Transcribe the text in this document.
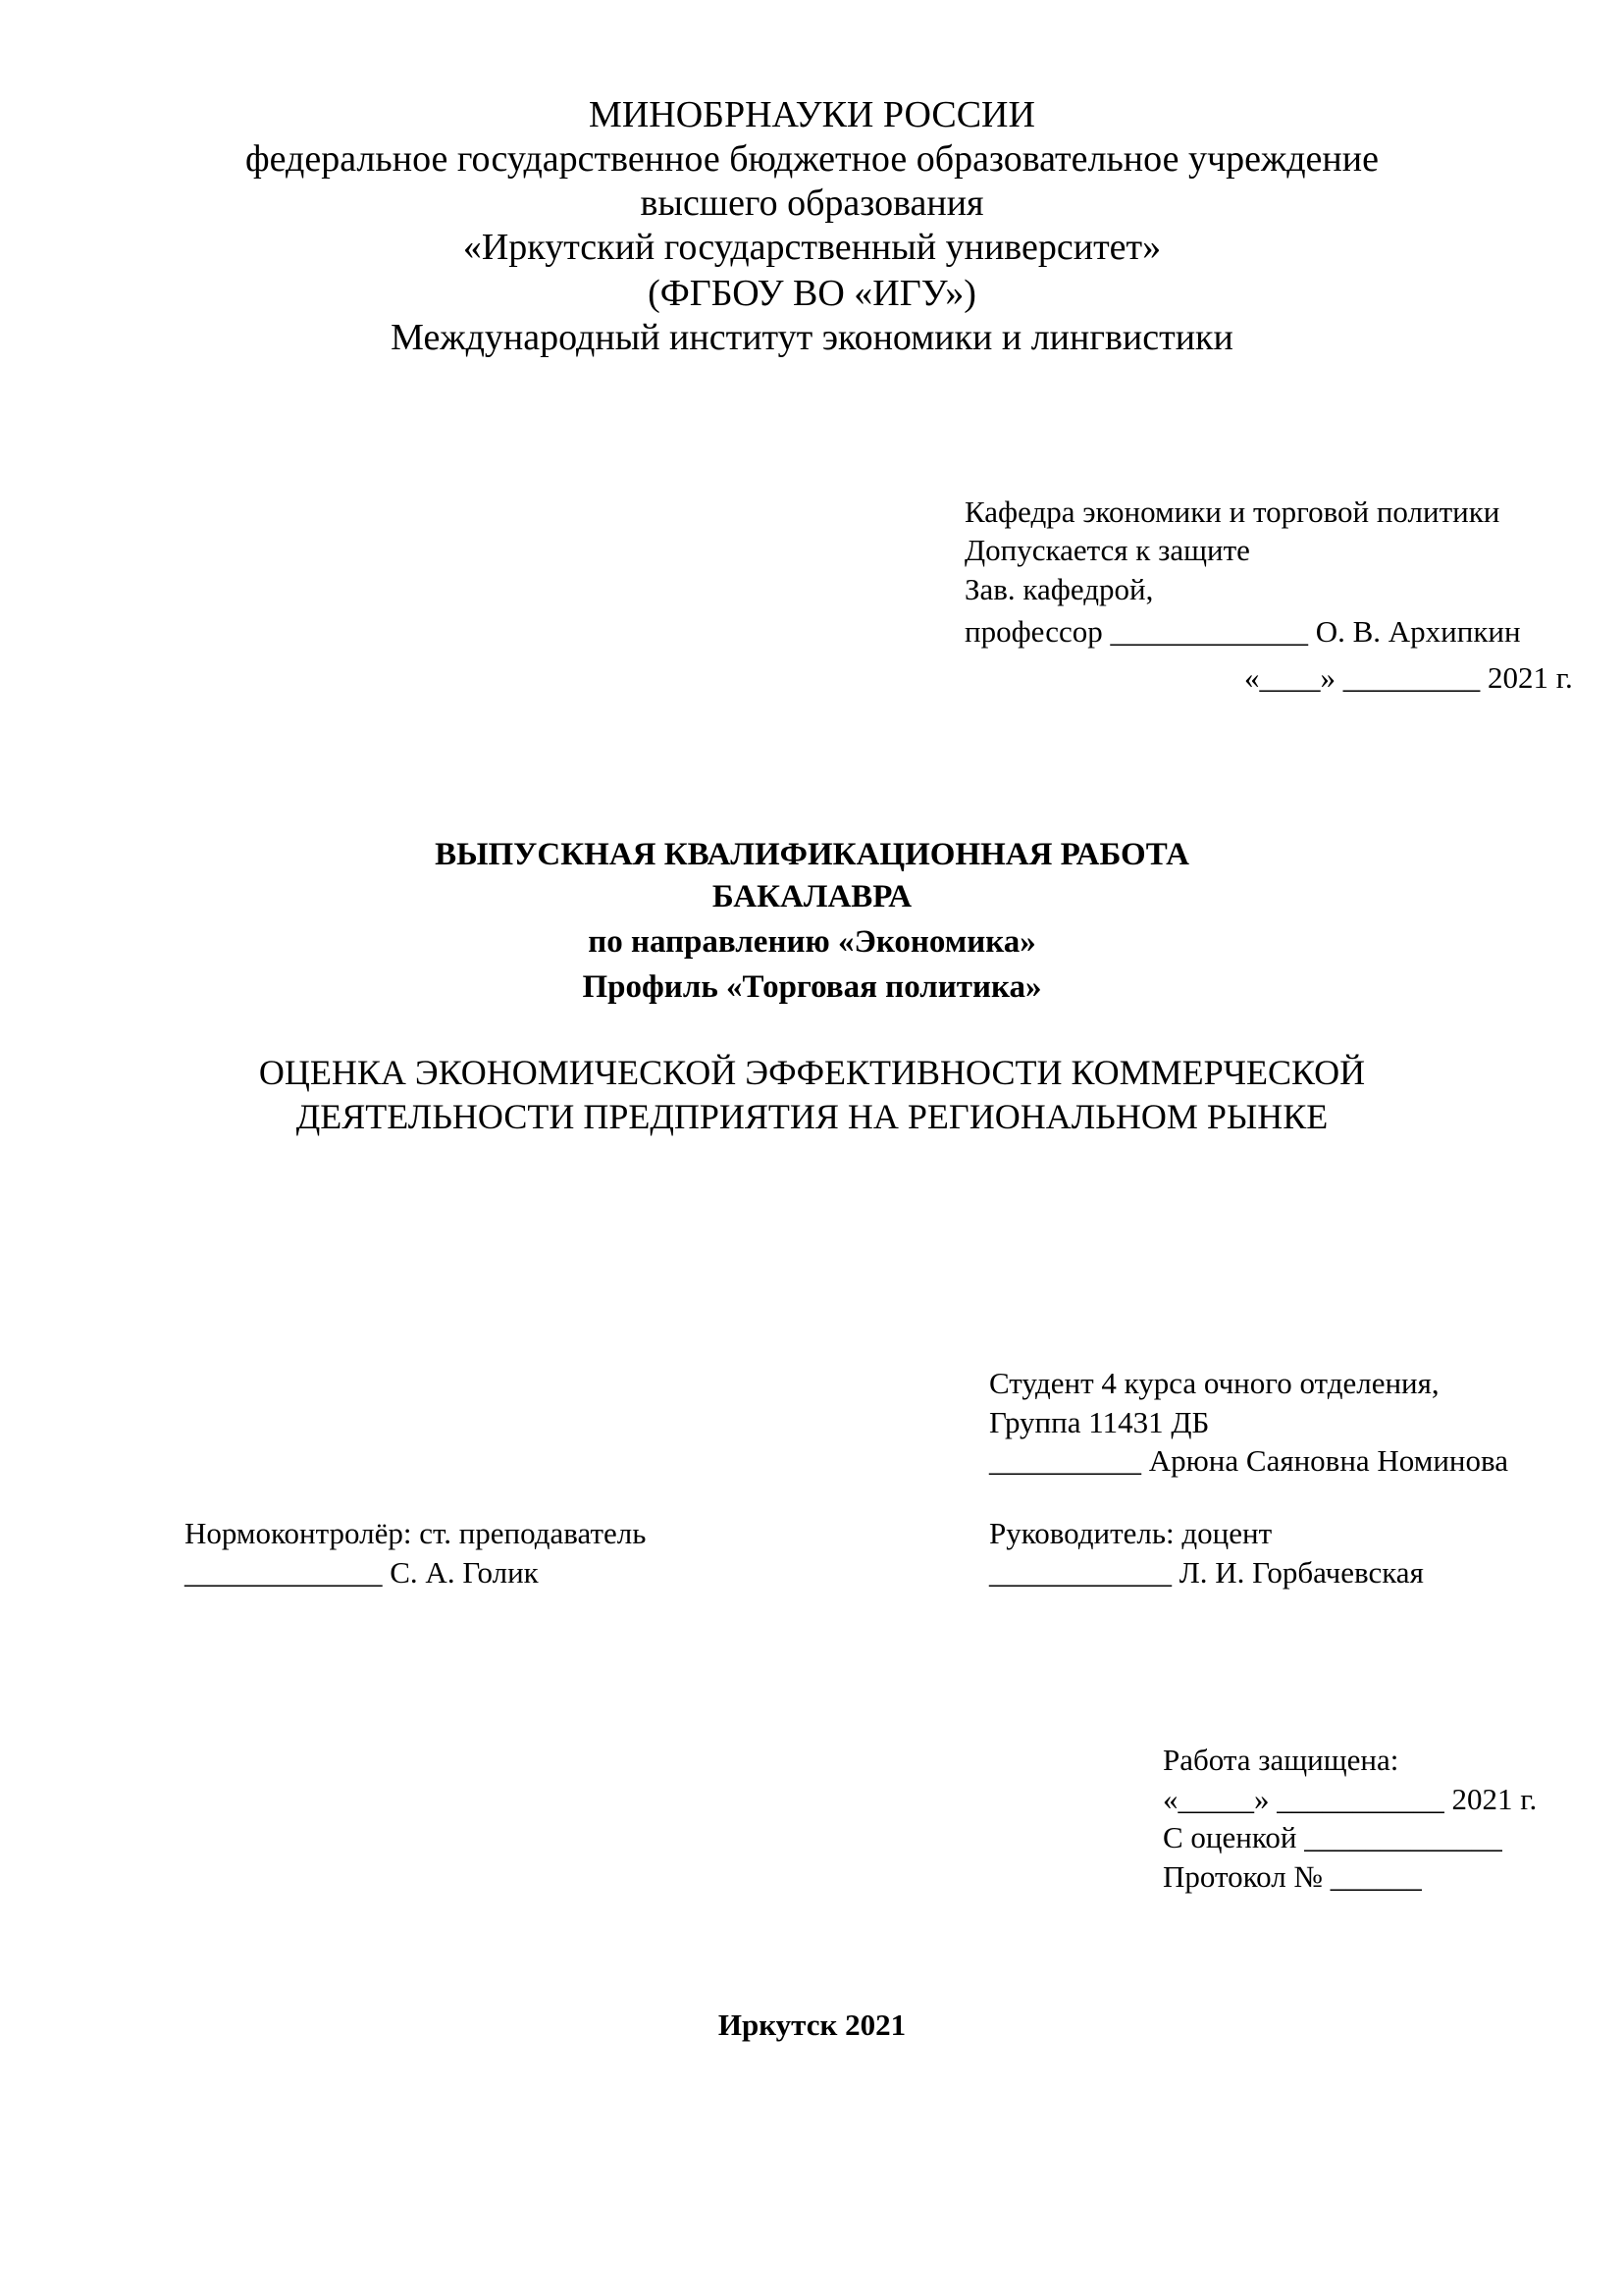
МИНОБРНАУКИ РОССИИ
федеральное государственное бюджетное образовательное учреждение
высшего образования
«Иркутский государственный университет»
(ФГБОУ ВО «ИГУ»)
Международный институт экономики и лингвистики
Кафедра экономики и торговой политики
Допускается к защите
Зав. кафедрой,
профессор _____________ О. В. Архипкин
«____» _________ 2021 г.
ВЫПУСКНАЯ КВАЛИФИКАЦИОННАЯ РАБОТА
БАКАЛАВРА
по направлению «Экономика»
Профиль «Торговая политика»
ОЦЕНКА ЭКОНОМИЧЕСКОЙ ЭФФЕКТИВНОСТИ КОММЕРЧЕСКОЙ
ДЕЯТЕЛЬНОСТИ ПРЕДПРИЯТИЯ НА РЕГИОНАЛЬНОМ РЫНКЕ
Студент 4 курса очного отделения,
Группа 11431 ДБ
__________ Арюна Саяновна Номинова
Нормоконтролёр: ст. преподаватель
_____________ С. А. Голик
Руководитель: доцент
____________ Л. И. Горбачевская
Работа защищена:
«_____» ___________ 2021 г.
С оценкой _____________
Протокол № ______
Иркутск 2021
